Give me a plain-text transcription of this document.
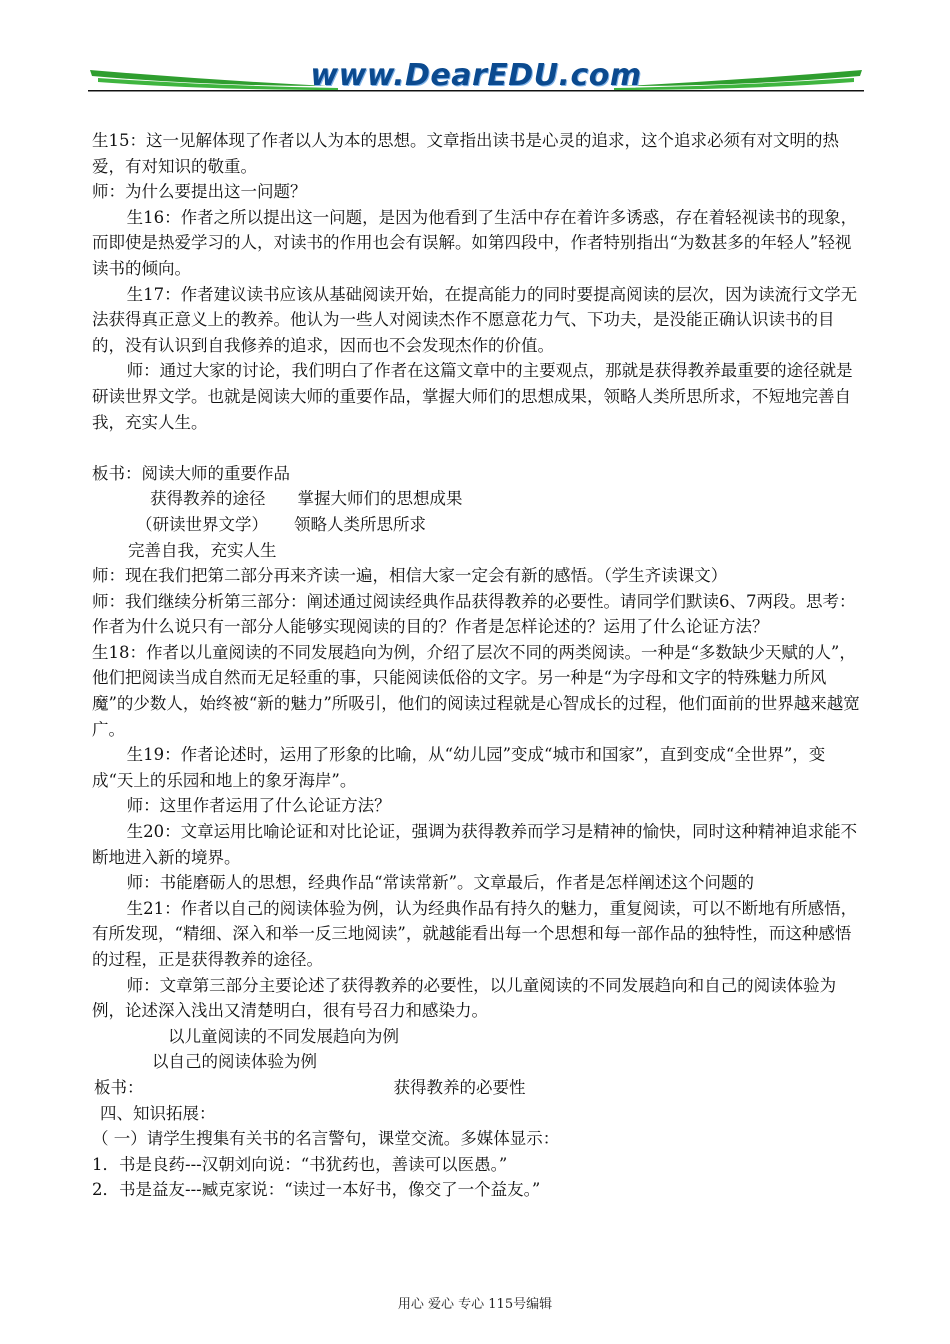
www.DearEDU.com

生15：这一见解体现了作者以人为本的思想。文章指出读书是心灵的追求，这个追求必须有对文明的热爱，有对知识的敬重。

师：为什么要提出这一问题？

生16：作者之所以提出这一问题，是因为他看到了生活中存在着许多诱惑，存在着轻视读书的现象，而即使是热爱学习的人，对读书的作用也会有误解。如第四段中，作者特别指出“为数甚多的年轻人”轻视读书的倾向。

生17：作者建议读书应该从基础阅读开始，在提高能力的同时要提高阅读的层次，因为读流行文学无法获得真正意义上的教养。他认为一些人对阅读杰作不愿意花力气、下功夫，是没能正确认识读书的目的，没有认识到自我修养的追求，因而也不会发现杰作的价值。

师：通过大家的讨论，我们明白了作者在这篇文章中的主要观点，那就是获得教养最重要的途径就是研读世界文学。也就是阅读大师的重要作品，掌握大师们的思想成果，领略人类所思所求，不短地完善自我，充实人生。

板书：阅读大师的重要作品

获得教养的途径 掌握大师们的思想成果

（研读世界文学） 领略人类所思所求

完善自我，充实人生

师：现在我们把第二部分再来齐读一遍，相信大家一定会有新的感悟。（学生齐读课文）

师：我们继续分析第三部分：阐述通过阅读经典作品获得教养的必要性。请同学们默读6、7两段。思考： 作者为什么说只有一部分人能够实现阅读的目的？作者是怎样论述的？运用了什么论证方法？

生18：作者以儿童阅读的不同发展趋向为例，介绍了层次不同的两类阅读。一种是“多数缺少天赋的人”，他们把阅读当成自然而无足轻重的事，只能阅读低俗的文字。另一种是“为字母和文字的特殊魅力所风魔”的少数人，始终被“新的魅力”所吸引，他们的阅读过程就是心智成长的过程，他们面前的世界越来越宽广。

生19：作者论述时，运用了形象的比喻，从“幼儿园”变成“城市和国家”，直到变成“全世界”，变成“天上的乐园和地上的象牙海岸”。

师：这里作者运用了什么论证方法？

生20：文章运用比喻论证和对比论证，强调为获得教养而学习是精神的愉快，同时这种精神追求能不断地进入新的境界。

师：书能磨砺人的思想，经典作品“常读常新”。文章最后，作者是怎样阐述这个问题的

生21：作者以自己的阅读体验为例，认为经典作品有持久的魅力，重复阅读，可以不断地有所感悟，有所发现，“精细、深入和举一反三地阅读”，就越能看出每一个思想和每一部作品的独特性，而这种感悟的过程，正是获得教养的途径。

师：文章第三部分主要论述了获得教养的必要性，以儿童阅读的不同发展趋向和自己的阅读体验为例，论述深入浅出又清楚明白，很有号召力和感染力。

以儿童阅读的不同发展趋向为例

以自己的阅读体验为例

板书：	获得教养的必要性

四、知识拓展：

（ 一）请学生搜集有关书的名言警句，课堂交流。多媒体显示：

1．书是良药---汉朝刘向说：“书犹药也，善读可以医愚。”

2．书是益友---臧克家说：“读过一本好书，像交了一个益友。”

用心 爱心 专心 115号编辑
